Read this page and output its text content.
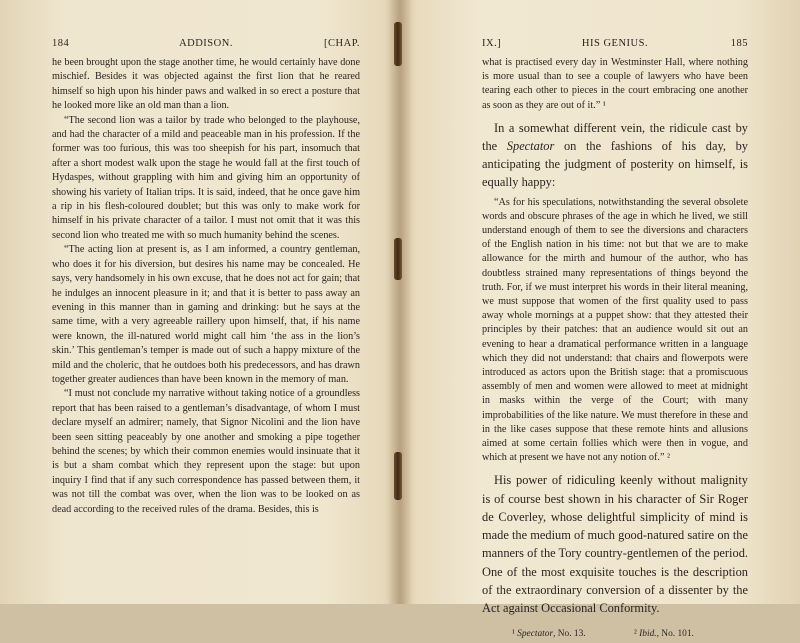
184	ADDISON.	[CHAP.

he been brought upon the stage another time, he would certainly have done mischief. Besides it was objected against the first lion that he reared himself so high upon his hinder paws and walked in so erect a posture that he looked more like an old man than a lion.

“The second lion was a tailor by trade who belonged to the playhouse, and had the character of a mild and peaceable man in his profession. If the former was too furious, this was too sheepish for his part, insomuch that after a short modest walk upon the stage he would fall at the first touch of Hydaspes, without grappling with him and giving him an opportunity of showing his variety of Italian trips. It is said, indeed, that he once gave him a rip in his flesh-coloured doublet; but this was only to make work for himself in his private character of a tailor. I must not omit that it was this second lion who treated me with so much humanity behind the scenes.

“The acting lion at present is, as I am informed, a country gentleman, who does it for his diversion, but desires his name may be concealed. He says, very handsomely in his own excuse, that he does not act for gain; that he indulges an innocent pleasure in it; and that it is better to pass away an evening in this manner than in gaming and drinking: but he says at the same time, with a very agreeable raillery upon himself, that, if his name were known, the ill-natured world might call him ‘the ass in the lion’s skin.’ This gentleman’s temper is made out of such a happy mixture of the mild and the choleric, that he outdoes both his predecessors, and has drawn together greater audiences than have been known in the memory of man.

“I must not conclude my narrative without taking notice of a groundless report that has been raised to a gentleman’s disadvantage, of whom I must declare myself an admirer; namely, that Signor Nicolini and the lion have been seen sitting peaceably by one another and smoking a pipe together behind the scenes; by which their common enemies would insinuate that it is but a sham combat which they represent upon the stage: but upon inquiry I find that if any such correspondence has passed between them, it was not till the combat was over, when the lion was to be looked on as dead according to the received rules of the drama. Besides, this is

IX.]	HIS GENIUS.	185

what is practised every day in Westminster Hall, where nothing is more usual than to see a couple of lawyers who have been tearing each other to pieces in the court embracing one another as soon as they are out of it.” ¹

In a somewhat different vein, the ridicule cast by the Spectator on the fashions of his day, by anticipating the judgment of posterity on himself, is equally happy:

“As for his speculations, notwithstanding the several obsolete words and obscure phrases of the age in which he lived, we still understand enough of them to see the diversions and characters of the English nation in his time: not but that we are to make allowance for the mirth and humour of the author, who has doubtless strained many representations of things beyond the truth. For, if we must interpret his words in their literal meaning, we must suppose that women of the first quality used to pass away whole mornings at a puppet show: that they attested their principles by their patches: that an audience would sit out an evening to hear a dramatical performance written in a language which they did not understand: that chairs and flowerpots were introduced as actors upon the British stage: that a promiscuous assembly of men and women were allowed to meet at midnight in masks within the verge of the Court; with many improbabilities of the like nature. We must therefore in these and in the like cases suppose that these remote hints and allusions aimed at some certain follies which were then in vogue, and which at present we have not any notion of.” ²

His power of ridiculing keenly without malignity is of course best shown in his character of Sir Roger de Coverley, whose delightful simplicity of mind is made the medium of much good-natured satire on the manners of the Tory country-gentlemen of the period. One of the most exquisite touches is the description of the extraordinary conversion of a dissenter by the Act against Occasional Conformity.

¹ Spectator, No. 13.	² Ibid., No. 101.
